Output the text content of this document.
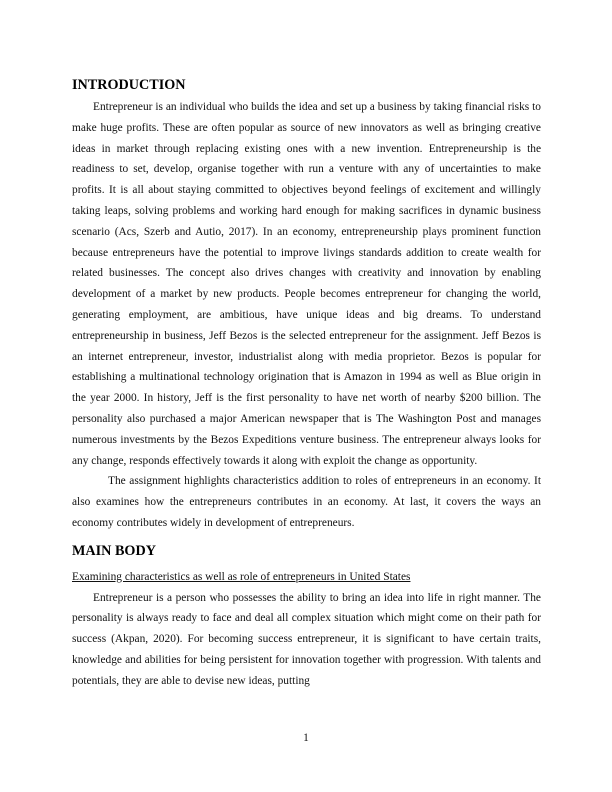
INTRODUCTION

Entrepreneur is an individual who builds the idea and set up a business by taking financial risks to make huge profits. These are often popular as source of new innovators as well as bringing creative ideas in market through replacing existing ones with a new invention. Entrepreneurship is the readiness to set, develop, organise together with run a venture with any of uncertainties to make profits. It is all about staying committed to objectives beyond feelings of excitement and willingly taking leaps, solving problems and working hard enough for making sacrifices in dynamic business scenario (Acs, Szerb and Autio, 2017). In an economy, entrepreneurship plays prominent function because entrepreneurs have the potential to improve livings standards addition to create wealth for related businesses. The concept also drives changes with creativity and innovation by enabling development of a market by new products. People becomes entrepreneur for changing the world, generating employment, are ambitious, have unique ideas and big dreams. To understand entrepreneurship in business, Jeff Bezos is the selected entrepreneur for the assignment. Jeff Bezos is an internet entrepreneur, investor, industrialist along with media proprietor. Bezos is popular for establishing a multinational technology origination that is Amazon in 1994 as well as Blue origin in the year 2000. In history, Jeff is the first personality to have net worth of nearby $200 billion. The personality also purchased a major American newspaper that is The Washington Post and manages numerous investments by the Bezos Expeditions venture business. The entrepreneur always looks for any change, responds effectively towards it along with exploit the change as opportunity.

The assignment highlights characteristics addition to roles of entrepreneurs in an economy. It also examines how the entrepreneurs contributes in an economy. At last, it covers the ways an economy contributes widely in development of entrepreneurs.

MAIN BODY
Examining characteristics as well as role of entrepreneurs in United States

Entrepreneur is a person who possesses the ability to bring an idea into life in right manner. The personality is always ready to face and deal all complex situation which might come on their path for success (Akpan, 2020). For becoming success entrepreneur, it is significant to have certain traits, knowledge and abilities for being persistent for innovation together with progression. With talents and potentials, they are able to devise new ideas, putting

1
